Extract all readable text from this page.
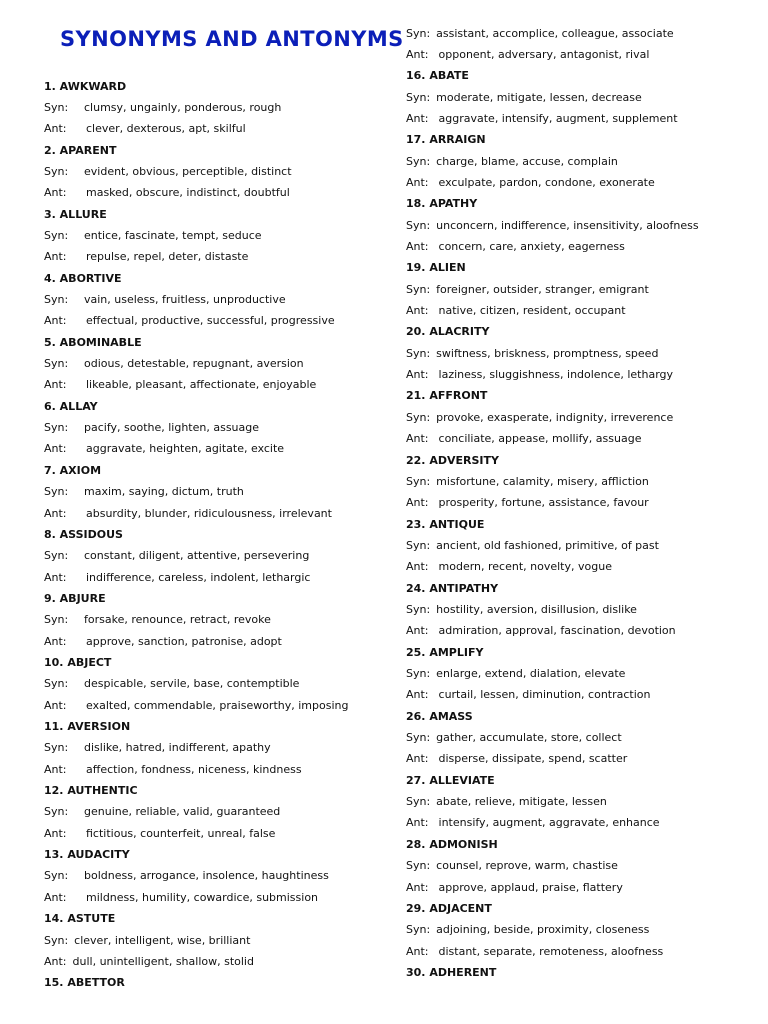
SYNONYMS AND ANTONYMS
1. AWKWARD
Syn: clumsy, ungainly, ponderous, rough
Ant: clever, dexterous, apt, skilful
2. APARENT
Syn: evident, obvious, perceptible, distinct
Ant: masked, obscure, indistinct, doubtful
3. ALLURE
Syn: entice, fascinate, tempt, seduce
Ant: repulse, repel, deter, distaste
4. ABORTIVE
Syn: vain, useless, fruitless, unproductive
Ant: effectual, productive, successful, progressive
5. ABOMINABLE
Syn: odious, detestable, repugnant, aversion
Ant: likeable, pleasant, affectionate, enjoyable
6. ALLAY
Syn: pacify, soothe, lighten, assuage
Ant: aggravate, heighten, agitate, excite
7. AXIOM
Syn: maxim, saying, dictum, truth
Ant: absurdity, blunder, ridiculousness, irrelevant
8. ASSIDOUS
Syn: constant, diligent, attentive, persevering
Ant: indifference, careless, indolent, lethargic
9. ABJURE
Syn: forsake, renounce, retract, revoke
Ant: approve, sanction, patronise, adopt
10. ABJECT
Syn: despicable, servile, base, contemptible
Ant: exalted, commendable, praiseworthy, imposing
11. AVERSION
Syn: dislike, hatred, indifferent, apathy
Ant: affection, fondness, niceness, kindness
12. AUTHENTIC
Syn: genuine, reliable, valid, guaranteed
Ant: fictitious, counterfeit, unreal, false
13. AUDACITY
Syn: boldness, arrogance, insolence, haughtiness
Ant: mildness, humility, cowardice, submission
14. ASTUTE
Syn: clever, intelligent, wise, brilliant
Ant: dull, unintelligent, shallow, stolid
15. ABETTOR
Syn: assistant, accomplice, colleague, associate
Ant: opponent, adversary, antagonist, rival
16. ABATE
Syn: moderate, mitigate, lessen, decrease
Ant: aggravate, intensify, augment, supplement
17. ARRAIGN
Syn: charge, blame, accuse, complain
Ant: exculpate, pardon, condone, exonerate
18. APATHY
Syn: unconcern, indifference, insensitivity, aloofness
Ant: concern, care, anxiety, eagerness
19. ALIEN
Syn: foreigner, outsider, stranger, emigrant
Ant: native, citizen, resident, occupant
20. ALACRITY
Syn: swiftness, briskness, promptness, speed
Ant: laziness, sluggishness, indolence, lethargy
21. AFFRONT
Syn: provoke, exasperate, indignity, irreverence
Ant: conciliate, appease, mollify, assuage
22. ADVERSITY
Syn: misfortune, calamity, misery, affliction
Ant: prosperity, fortune, assistance, favour
23. ANTIQUE
Syn: ancient, old fashioned, primitive, of past
Ant: modern, recent, novelty, vogue
24. ANTIPATHY
Syn: hostility, aversion, disillusion, dislike
Ant: admiration, approval, fascination, devotion
25. AMPLIFY
Syn: enlarge, extend, dialation, elevate
Ant: curtail, lessen, diminution, contraction
26. AMASS
Syn: gather, accumulate, store, collect
Ant: disperse, dissipate, spend, scatter
27. ALLEVIATE
Syn: abate, relieve, mitigate, lessen
Ant: intensify, augment, aggravate, enhance
28. ADMONISH
Syn: counsel, reprove, warm, chastise
Ant: approve, applaud, praise, flattery
29. ADJACENT
Syn: adjoining, beside, proximity, closeness
Ant: distant, separate, remoteness, aloofness
30. ADHERENT
